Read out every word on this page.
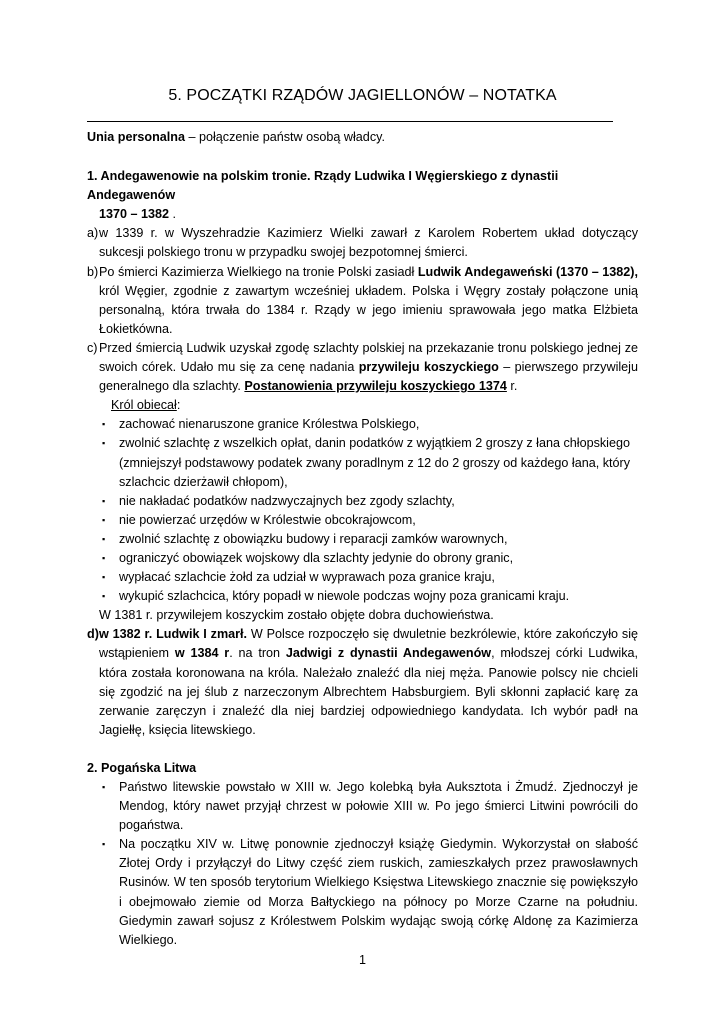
5. POCZĄTKI RZĄDÓW JAGIELLONÓW – NOTATKA

Unia personalna – połączenie państw osobą władcy.

1. Andegawenowie na polskim tronie. Rządy Ludwika I Węgierskiego z dynastii Andegawenów

1370 – 1382 .

a) w 1339 r. w Wyszehradzie Kazimierz Wielki zawarł z Karolem Robertem układ dotyczący sukcesji polskiego tronu w przypadku swojej bezpotomnej śmierci.
b) Po śmierci Kazimierza Wielkiego na tronie Polski zasiadł Ludwik Andegaweński (1370 – 1382), król Węgier, zgodnie z zawartym wcześniej układem. Polska i Węgry zostały połączone unią personalną, która trwała do 1384 r. Rządy w jego imieniu sprawowała jego matka Elżbieta Łokietkówna.
c) Przed śmiercią Ludwik uzyskał zgodę szlachty polskiej na przekazanie tronu polskiego jednej ze swoich córek. Udało mu się za cenę nadania przywileju koszyckiego – pierwszego przywileju generalnego dla szlachty. Postanowienia przywileju koszyckiego 1374 r.

Król obiecał:

▪ zachować nienaruszone granice Królestwa Polskiego,
▪ zwolnić szlachtę z wszelkich opłat, danin podatków z wyjątkiem 2 groszy z łana chłopskiego (zmniejszył podstawowy podatek zwany poradlnym z 12 do 2 groszy od każdego łana, który szlachcic dzierżawił chłopom),
▪ nie nakładać podatków nadzwyczajnych bez zgody szlachty,
▪ nie powierzać urzędów w Królestwie obcokrajowcom,
▪ zwolnić szlachtę z obowiązku budowy i reparacji zamków warownych,
▪ ograniczyć obowiązek wojskowy dla szlachty jedynie do obrony granic,
▪ wypłacać szlachcie żołd za udział w wyprawach poza granice kraju,
▪ wykupić szlachcica, który popadł w niewole podczas wojny poza granicami kraju.

W 1381 r. przywilejem koszyckim zostało objęte dobra duchowieństwa.

d) w 1382 r. Ludwik I zmarł. W Polsce rozpoczęło się dwuletnie bezkrólewie, które zakończyło się wstąpieniem w 1384 r. na tron Jadwigi z dynastii Andegawenów, młodszej córki Ludwika, która została koronowana na króla. Należało znaleźć dla niej męża. Panowie polscy nie chcieli się zgodzić na jej ślub z narzeczonym Albrechtem Habsburgiem. Byli skłonni zapłacić karę za zerwanie zaręczyn i znaleźć dla niej bardziej odpowiedniego kandydata. Ich wybór padł na Jagiełłę, księcia litewskiego.

2. Pogańska Litwa

▪ Państwo litewskie powstało w XIII w. Jego kolebką była Auksztota i Żmudź. Zjednoczył je Mendog, który nawet przyjął chrzest w połowie XIII w. Po jego śmierci Litwini powrócili do pogaństwa.
▪ Na początku XIV w. Litwę ponownie zjednoczył książę Giedymin. Wykorzystał on słabość Złotej Ordy i przyłączył do Litwy część ziem ruskich, zamieszkałych przez prawosławnych Rusinów. W ten sposób terytorium Wielkiego Księstwa Litewskiego znacznie się powiększyło i obejmowało ziemie od Morza Bałtyckiego na północy po Morze Czarne na południu. Giedymin zawarł sojusz z Królestwem Polskim wydając swoją córkę Aldonę za Kazimierza Wielkiego.
1
